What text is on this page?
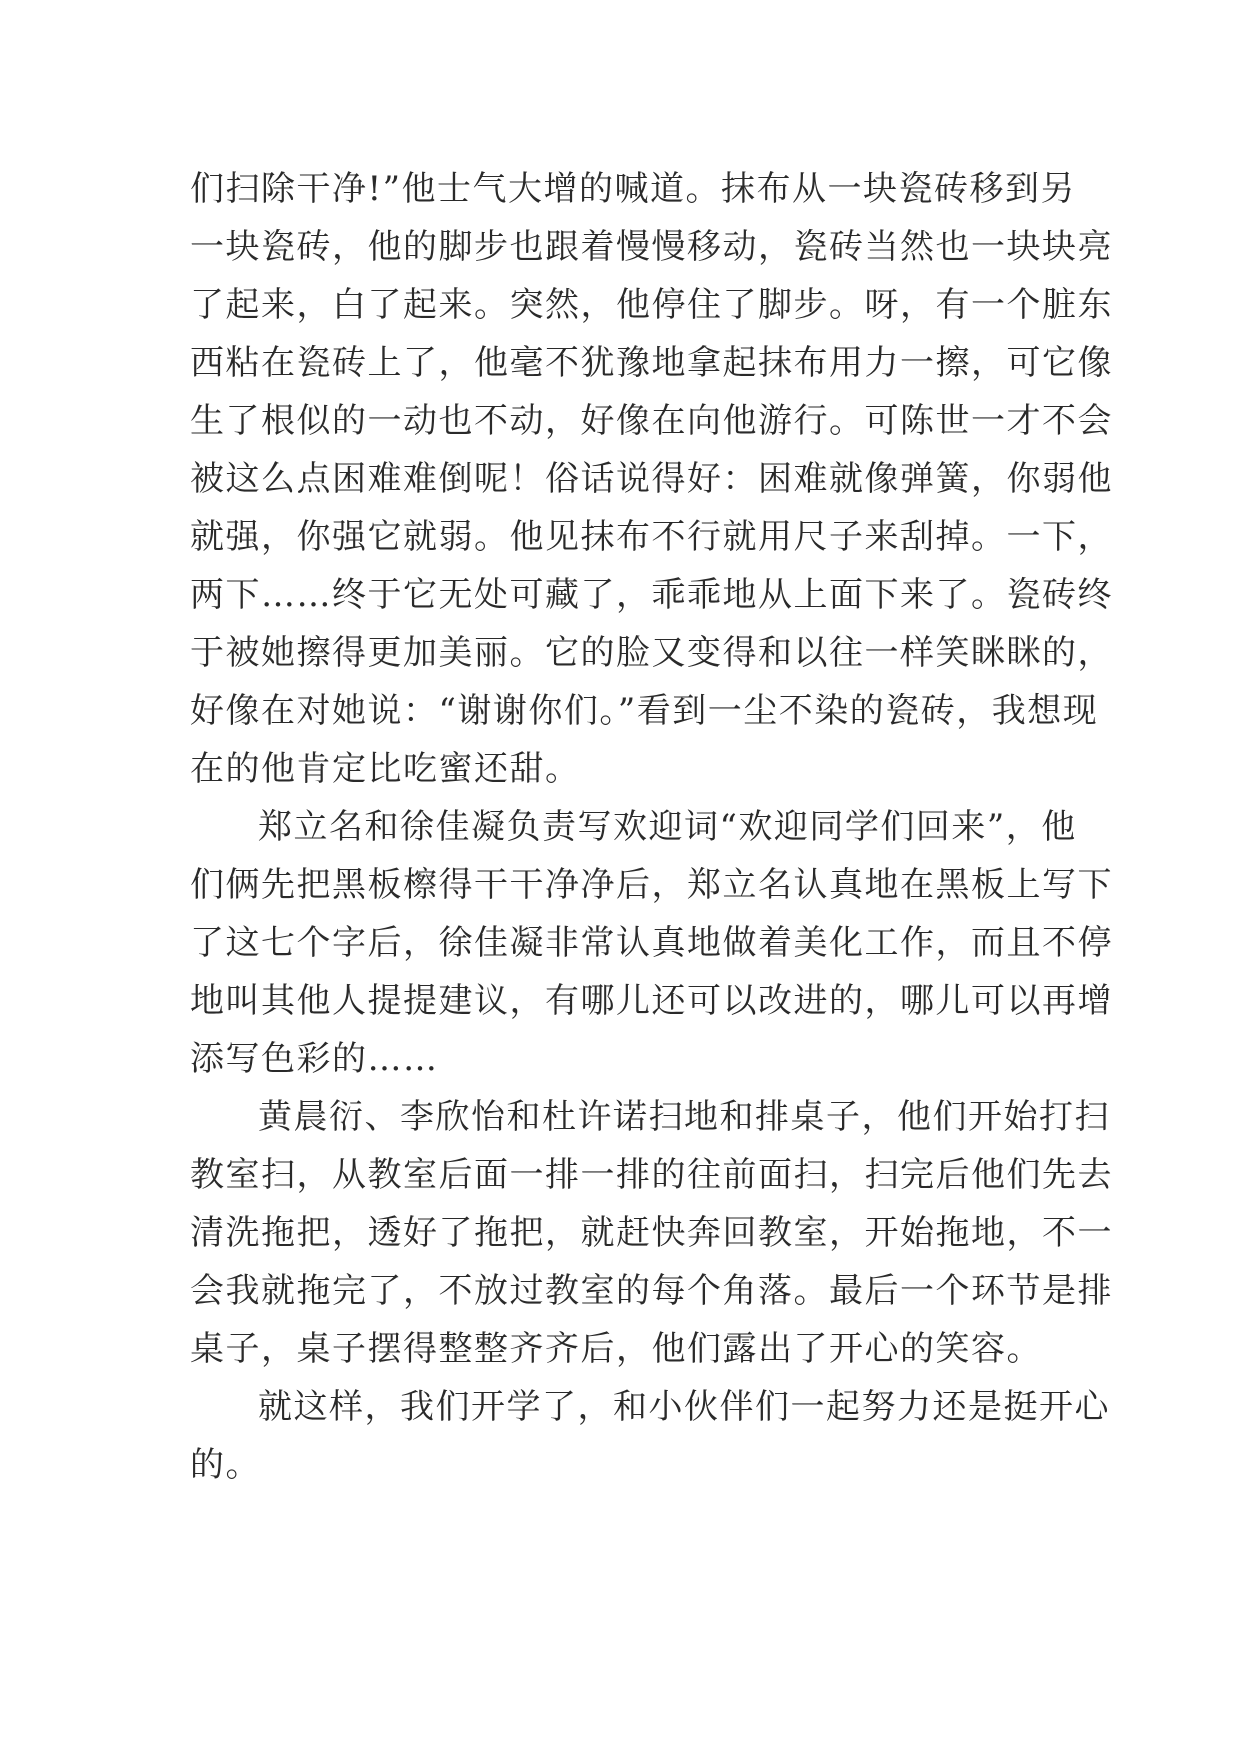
们扫除干净!”他士气大增的喊道。抹布从一块瓷砖移到另
一块瓷砖，他的脚步也跟着慢慢移动，瓷砖当然也一块块亮
了起来，白了起来。突然，他停住了脚步。呀，有一个脏东
西粘在瓷砖上了，他毫不犹豫地拿起抹布用力一擦，可它像
生了根似的一动也不动，好像在向他游行。可陈世一才不会
被这么点困难难倒呢！俗话说得好：困难就像弹簧，你弱他
就强，你强它就弱。他见抹布不行就用尺子来刮掉。一下，
两下……终于它无处可藏了，乖乖地从上面下来了。瓷砖终
于被她擦得更加美丽。它的脸又变得和以往一样笑眯眯的，
好像在对她说：“谢谢你们。”看到一尘不染的瓷砖，我想现
在的他肯定比吃蜜还甜。
郑立名和徐佳凝负责写欢迎词“欢迎同学们回来”，他
们俩先把黑板檫得干干净净后，郑立名认真地在黑板上写下
了这七个字后，徐佳凝非常认真地做着美化工作，而且不停
地叫其他人提提建议，有哪儿还可以改进的，哪儿可以再增
添写色彩的……
黄晨衍、李欣怡和杜许诺扫地和排桌子，他们开始打扫
教室扫，从教室后面一排一排的往前面扫，扫完后他们先去
清洗拖把，透好了拖把，就赶快奔回教室，开始拖地，不一
会我就拖完了，不放过教室的每个角落。最后一个环节是排
桌子，桌子摆得整整齐齐后，他们露出了开心的笑容。
就这样，我们开学了，和小伙伴们一起努力还是挺开心
的。
